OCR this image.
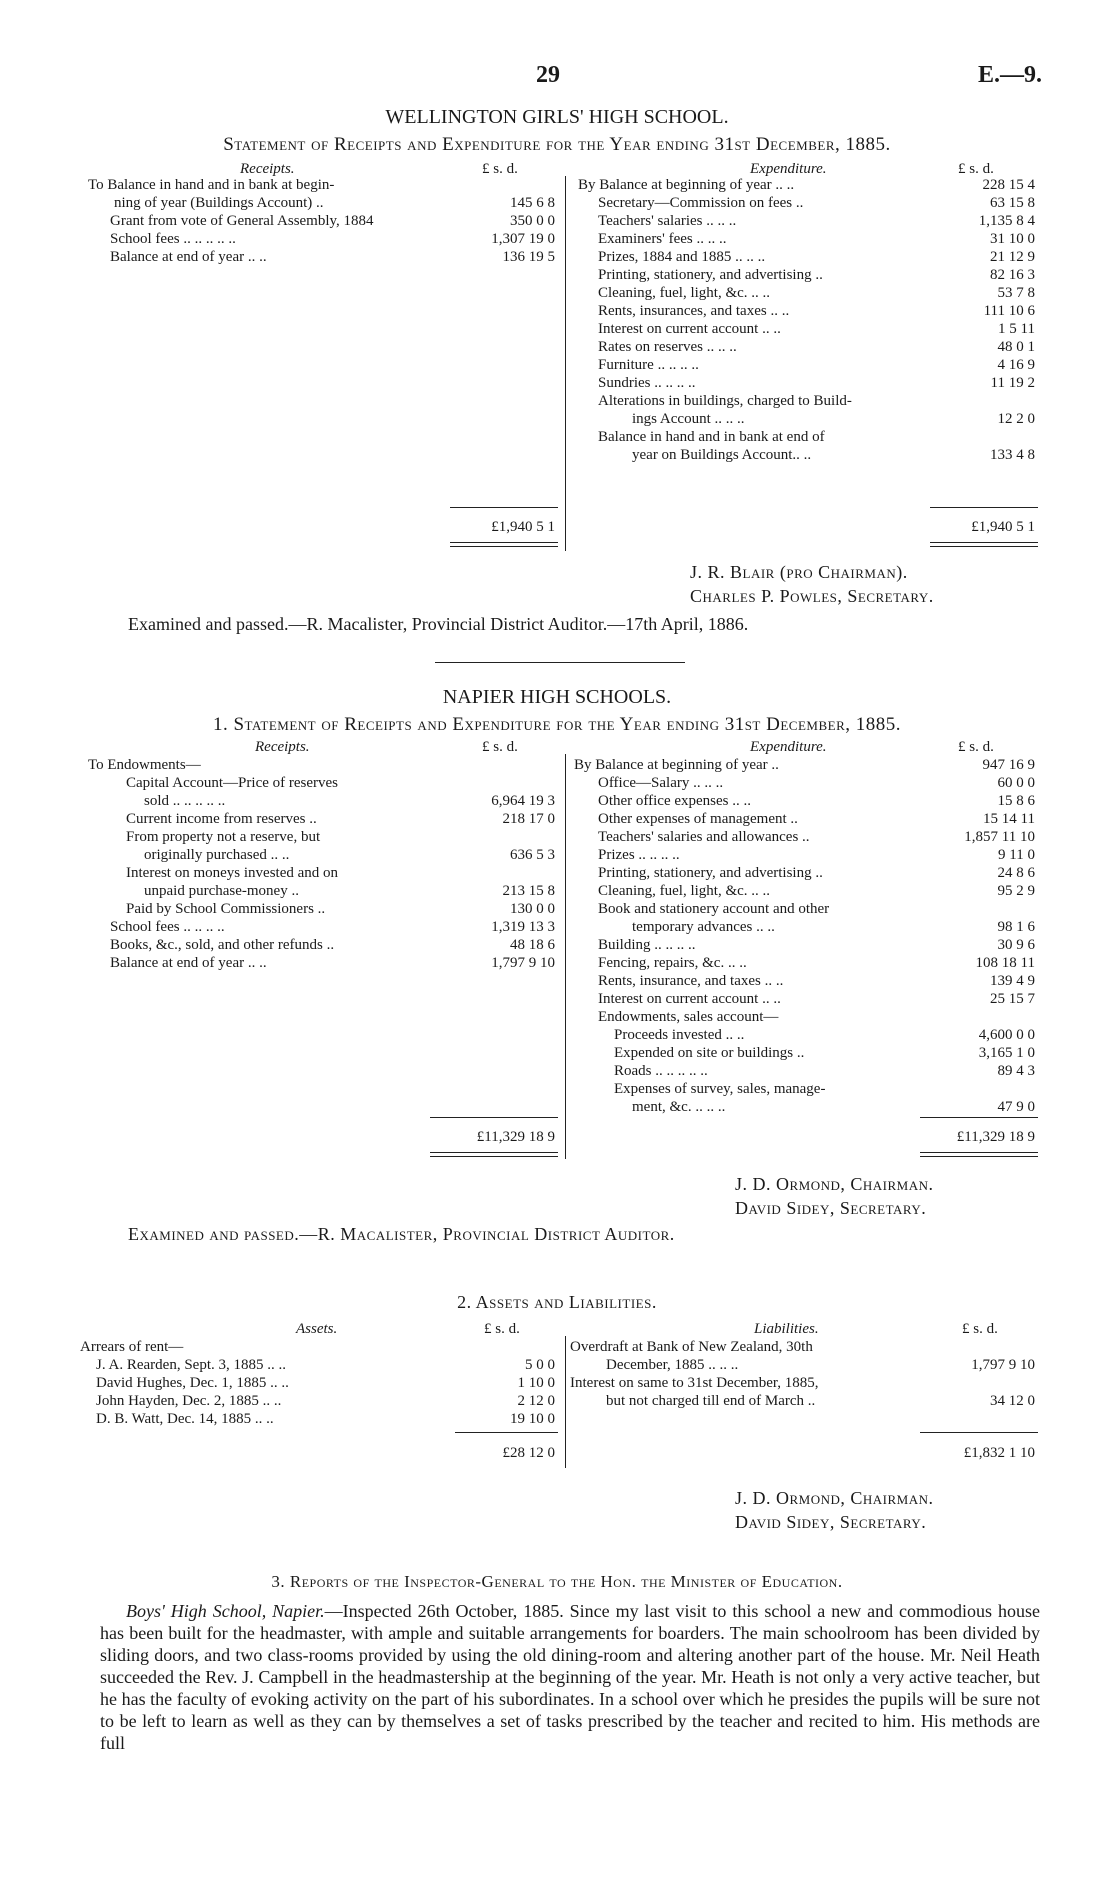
29	E.—9.
WELLINGTON GIRLS' HIGH SCHOOL.
Statement of Receipts and Expenditure for the Year ending 31st December, 1885.
Receipts.	£ s. d.	Expenditure.	£ s. d.
To Balance in hand and in bank at begin-
ning of year (Buildings Account) ..	145 6 8
Grant from vote of General Assembly, 1884	350 0 0
School fees .. .. .. .. ..	1,307 19 0
Balance at end of year .. ..	136 19 5
By Balance at beginning of year .. ..	228 15 4
Secretary—Commission on fees ..	63 15 8
Teachers' salaries .. .. ..	1,135 8 4
Examiners' fees .. .. ..	31 10 0
Prizes, 1884 and 1885 .. .. ..	21 12 9
Printing, stationery, and advertising ..	82 16 3
Cleaning, fuel, light, &c. .. ..	53 7 8
Rents, insurances, and taxes .. ..	111 10 6
Interest on current account .. ..	1 5 11
Rates on reserves .. .. ..	48 0 1
Furniture .. .. .. ..	4 16 9
Sundries .. .. .. ..	11 19 2
Alterations in buildings, charged to Build-
ings Account .. .. ..	12 2 0
Balance in hand and in bank at end of
year on Buildings Account.. ..	133 4 8
£1,940 5 1	£1,940 5 1
J. R. Blair (pro Chairman).
Charles P. Powles, Secretary.
Examined and passed.—R. Macalister, Provincial District Auditor.—17th April, 1886.
NAPIER HIGH SCHOOLS.
1. Statement of Receipts and Expenditure for the Year ending 31st December, 1885.
Receipts.	£ s. d.	Expenditure.	£ s. d.
To Endowments—
Capital Account—Price of reserves
sold .. .. .. .. ..	6,964 19 3
Current income from reserves ..	218 17 0
From property not a reserve, but
originally purchased .. ..	636 5 3
Interest on moneys invested and on
unpaid purchase-money ..	213 15 8
Paid by School Commissioners ..	130 0 0
School fees .. .. .. ..	1,319 13 3
Books, &c., sold, and other refunds ..	48 18 6
Balance at end of year .. ..	1,797 9 10
By Balance at beginning of year ..	947 16 9
Office—Salary .. .. ..	60 0 0
Other office expenses .. ..	15 8 6
Other expenses of management ..	15 14 11
Teachers' salaries and allowances ..	1,857 11 10
Prizes .. .. .. ..	9 11 0
Printing, stationery, and advertising ..	24 8 6
Cleaning, fuel, light, &c. .. ..	95 2 9
Book and stationery account and other
temporary advances .. ..	98 1 6
Building .. .. .. ..	30 9 6
Fencing, repairs, &c. .. ..	108 18 11
Rents, insurance, and taxes .. ..	139 4 9
Interest on current account .. ..	25 15 7
Endowments, sales account—
Proceeds invested .. ..	4,600 0 0
Expended on site or buildings ..	3,165 1 0
Roads .. .. .. .. ..	89 4 3
Expenses of survey, sales, manage-
ment, &c. .. .. ..	47 9 0
£11,329 18 9	£11,329 18 9
J. D. Ormond, Chairman.
David Sidey, Secretary.
Examined and passed.—R. Macalister, Provincial District Auditor.
2. Assets and Liabilities.
Assets.	£ s. d.	Liabilities.	£ s. d.
Arrears of rent—
J. A. Rearden, Sept. 3, 1885 .. ..	5 0 0
David Hughes, Dec. 1, 1885 .. ..	1 10 0
John Hayden, Dec. 2, 1885 .. ..	2 12 0
D. B. Watt, Dec. 14, 1885 .. ..	19 10 0
Overdraft at Bank of New Zealand, 30th
December, 1885 .. .. ..	1,797 9 10
Interest on same to 31st December, 1885,
but not charged till end of March ..	34 12 0
£28 12 0	£1,832 1 10
J. D. Ormond, Chairman.
David Sidey, Secretary.
3. Reports of the Inspector-General to the Hon. the Minister of Education.
Boys' High School, Napier.—Inspected 26th October, 1885. Since my last visit to this school a new and commodious house has been built for the headmaster, with ample and suitable arrangements for boarders. The main schoolroom has been divided by sliding doors, and two class-rooms provided by using the old dining-room and altering another part of the house. Mr. Neil Heath succeeded the Rev. J. Campbell in the headmastership at the beginning of the year. Mr. Heath is not only a very active teacher, but he has the faculty of evoking activity on the part of his subordinates. In a school over which he presides the pupils will be sure not to be left to learn as well as they can by themselves a set of tasks prescribed by the teacher and recited to him. His methods are full
